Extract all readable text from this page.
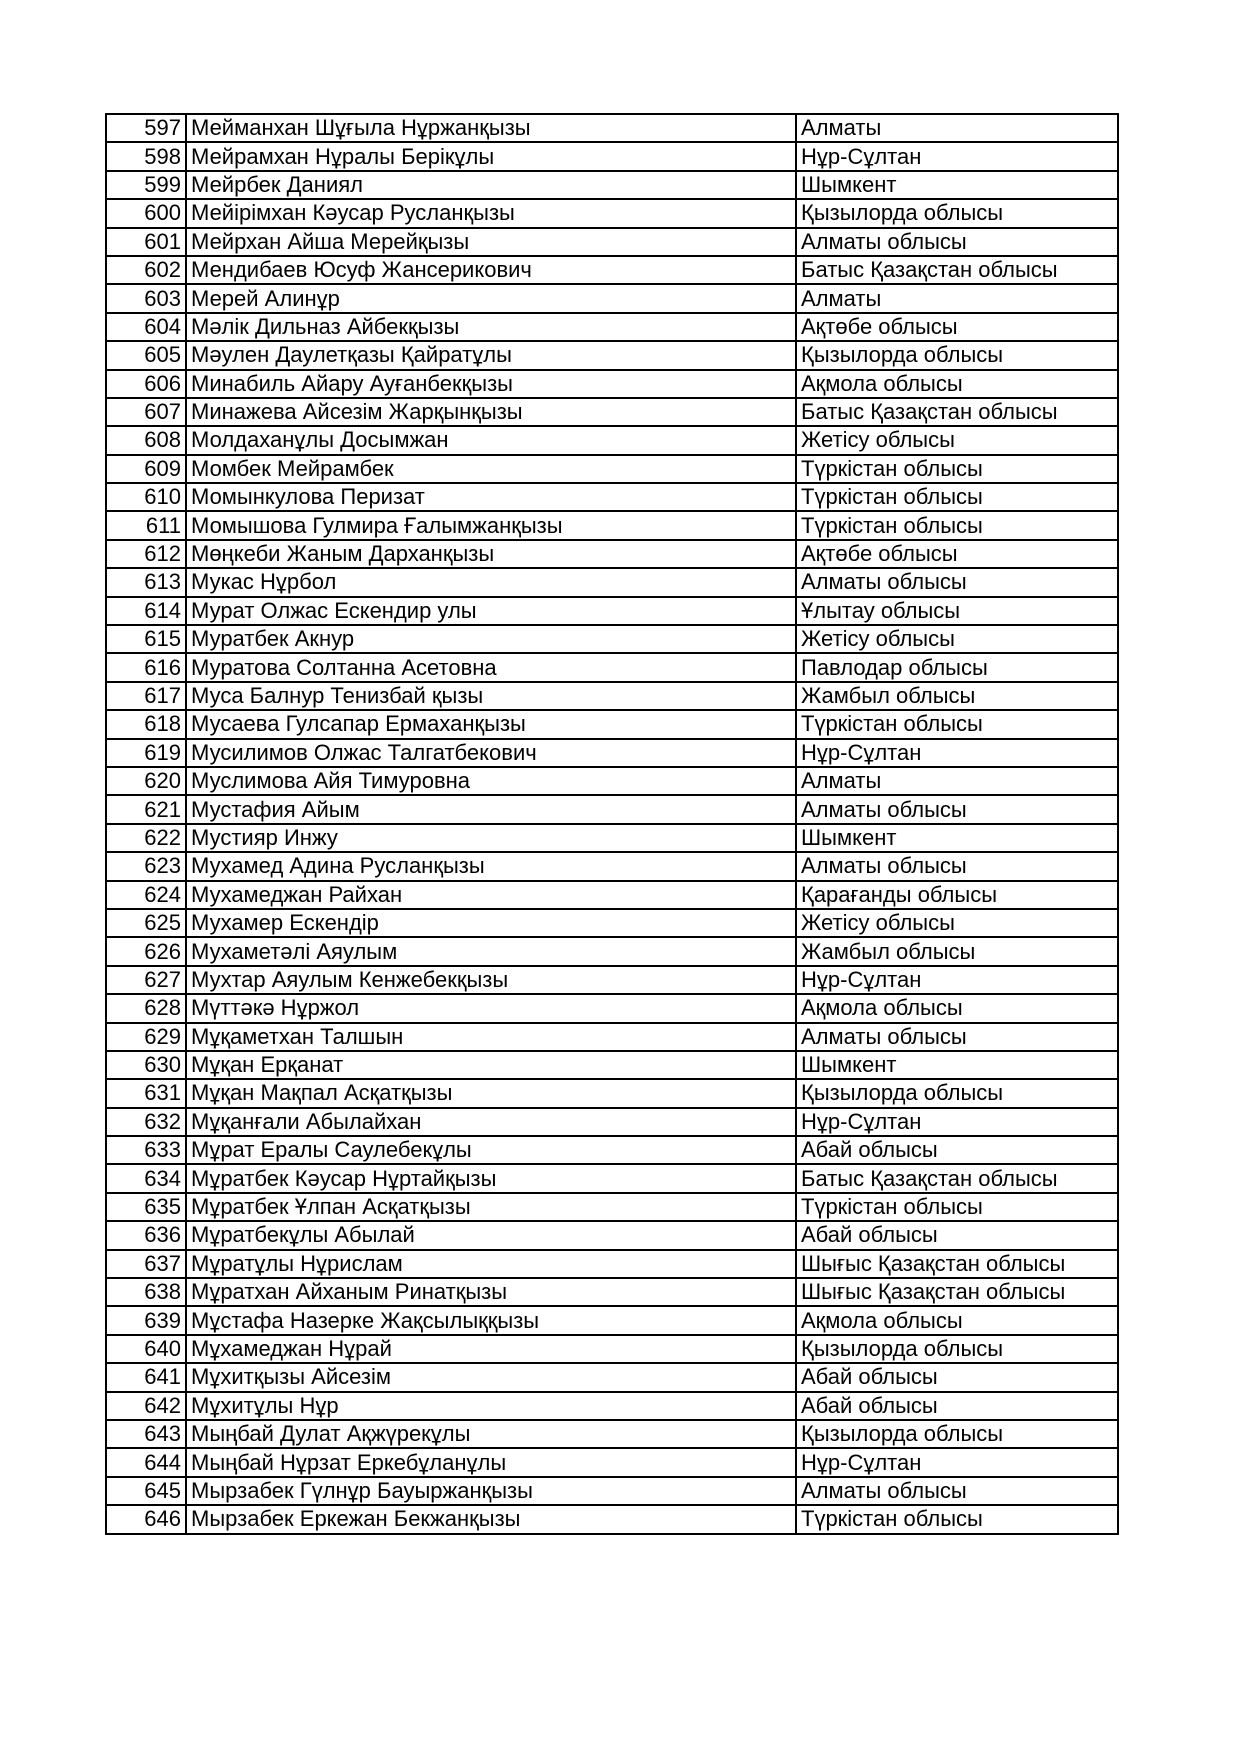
597	Мейманхан Шұғыла Нұржанқызы	Алматы
598	Мейрамхан Нұралы Берікұлы	Нұр-Сұлтан
599	Мейрбек Даниял	Шымкент
600	Мейірімхан Кәусар Русланқызы	Қызылорда облысы
601	Мейрхан Айша Мерейқызы	Алматы облысы
602	Мендибаев Юсуф Жансерикович	Батыс Қазақстан облысы
603	Мерей Алинұр	Алматы
604	Мәлік Дильназ Айбекқызы	Ақтөбе облысы
605	Мәулен Даулетқазы Қайратұлы	Қызылорда облысы
606	Минабиль Айару Ауғанбекқызы	Ақмола облысы
607	Минажева Айсезім Жарқынқызы	Батыс Қазақстан облысы
608	Молдаханұлы Досымжан	Жетісу облысы
609	Момбек Мейрамбек	Түркістан облысы
610	Момынкулова Перизат	Түркістан облысы
611	Момышова Гулмира Ғалымжанқызы	Түркістан облысы
612	Мөңкеби Жаным Дарханқызы	Ақтөбе облысы
613	Мукас Нұрбол	Алматы облысы
614	Мурат Олжас Ескендир улы	Ұлытау облысы
615	Муратбек Акнур	Жетісу облысы
616	Муратова Солтанна Асетовна	Павлодар облысы
617	Муса Балнур Тенизбай қызы	Жамбыл облысы
618	Мусаева Гулсапар Ермаханқызы	Түркістан облысы
619	Мусилимов Олжас Талгатбекович	Нұр-Сұлтан
620	Муслимова Айя Тимуровна	Алматы
621	Мустафия Айым	Алматы облысы
622	Мустияр Инжу	Шымкент
623	Мухамед Адина Русланқызы	Алматы облысы
624	Мухамеджан Райхан	Қарағанды облысы
625	Мухамер Ескендір	Жетісу облысы
626	Мухаметәлі Аяулым	Жамбыл облысы
627	Мухтар Аяулым Кенжебекқызы	Нұр-Сұлтан
628	Мүттәкә Нұржол	Ақмола облысы
629	Мұқаметхан Талшын	Алматы облысы
630	Мұқан Ерқанат	Шымкент
631	Мұқан Мақпал Асқатқызы	Қызылорда облысы
632	Мұқанғали Абылайхан	Нұр-Сұлтан
633	Мұрат Ералы Саулебекұлы	Абай облысы
634	Мұратбек Кәусар Нұртайқызы	Батыс Қазақстан облысы
635	Мұратбек Ұлпан Асқатқызы	Түркістан облысы
636	Мұратбекұлы Абылай	Абай облысы
637	Мұратұлы Нұрислам	Шығыс Қазақстан облысы
638	Мұратхан Айханым Ринатқызы	Шығыс Қазақстан облысы
639	Мұстафа Назерке Жақсылыққызы	Ақмола облысы
640	Мұхамеджан Нұрай	Қызылорда облысы
641	Мұхитқызы Айсезім	Абай облысы
642	Мұхитұлы Нұр	Абай облысы
643	Мыңбай Дулат Ақжүрекұлы	Қызылорда облысы
644	Мыңбай Нұрзат Еркебұланұлы	Нұр-Сұлтан
645	Мырзабек Гүлнұр Бауыржанқызы	Алматы облысы
646	Мырзабек Еркежан Бекжанқызы	Түркістан облысы
